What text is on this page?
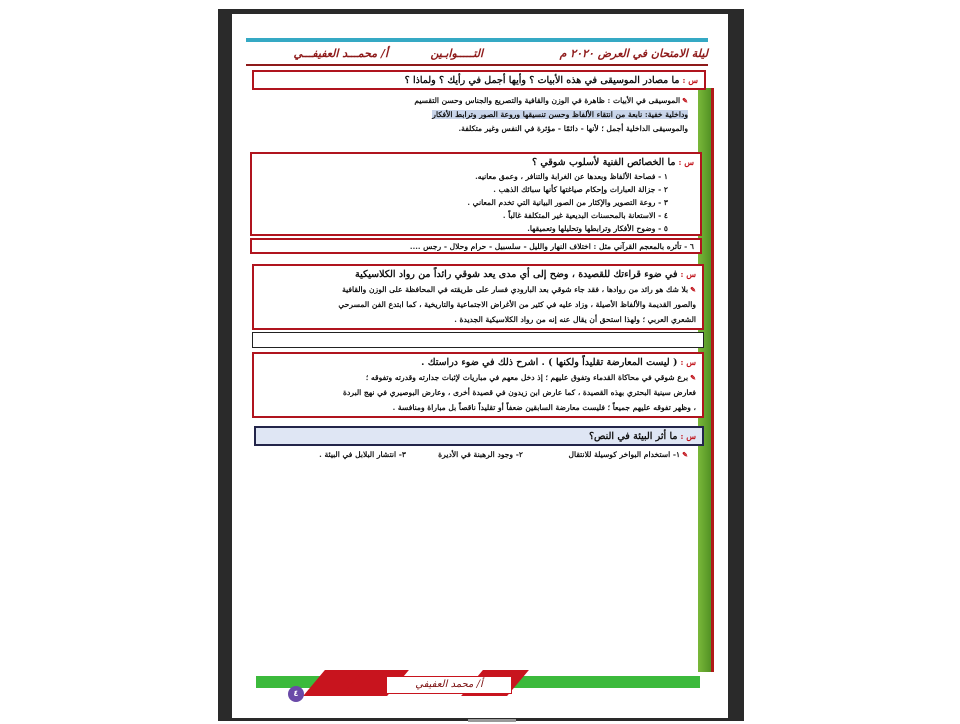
ليلة الامتحان في العرض ٢٠٢٠ م
التـــــوابـين
أ/ محمـــد العفيفـــي
س :ما مصادر الموسيقى في هذه الأبيات ؟ وأيها أجمل في رأيك ؟ ولماذا ؟
✎الموسيقى في الأبيات : ظاهرة في الوزن والقافية والتصريع والجناس وحسن التقسيم
وداخلية خفية: نابعة من انتقاء الألفاظ وحسن تنسيقها وروعة الصور وترابط الأفكار
والموسيقى الداخلية أجمل ؛ لأنها - دائمًا - مؤثرة في النفس وغير متكلفة.
س :ما الخصائص الفنية لأسلوب شوقي ؟
١ - فصاحة الألفاظ وبعدها عن الغرابة والتنافر ، وعمق معانيه.
٢ - جزالة العبارات وإحكام صياغتها كأنها سبائك الذهب .
٣ - روعة التصوير والإكثار من الصور البيانية التي تخدم المعاني .
٤ - الاستعانة بالمحسنات البديعية غير المتكلفة غالباً .
٥ - وضوح الأفكار وترابطها وتحليلها وتعميقها.
٦ - تأثره بالمعجم القرآني مثل : اختلاف النهار والليل - سلسبيل - حرام وحلال - رجس ....
س :في ضوء قراءتك للقصيدة ، وضح إلى أي مدى يعد شوقي رائداً من رواد الكلاسيكية
✎بلا شك هو رائد من روادها ، فقد جاء شوقي بعد البارودي فسار على طريقته في المحافظة على الوزن والقافية
والصور القديمة والألفاظ الأصيلة ، وزاد عليه في كثير من الأغراض الاجتماعية والتاريخية ، كما ابتدع الفن المسرحي
الشعري العربي ؛ ولهذا استحق أن يقال عنه إنه من رواد الكلاسيكية الجديدة .
س :( ليست المعارضة تقليداً ولكنها ) . اشرح ذلك في ضوء دراستك .
✎برع شوقي في محاكاة القدماء وتفوق عليهم ؛ إذ دخل معهم في مباريات لإثبات جدارته وقدرته وتفوقه ؛
فعارض سينية البحتري بهذه القصيدة ، كما عارض ابن زيدون في قصيدة أخرى ، وعارض البوصيري في نهج البردة
، وظهر تفوقه عليهم جميعاً ؛ فليست معارضة السابقين ضعفاً أو تقليداً ناقصاً بل مباراة ومنافسة .
س :ما أثر البيئة في النص؟
✎١- استخدام البواخر كوسيلة للانتقال
٢- وجود الرهبنة في الأديرة
٣- انتشار البلابل في البيئة .
أ/ محمد العفيفي
٤
